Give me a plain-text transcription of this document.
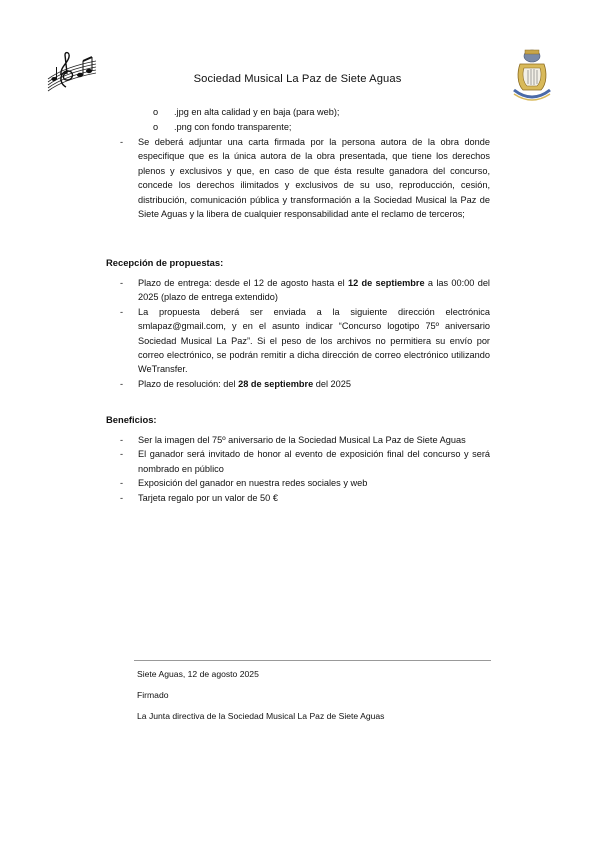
Sociedad Musical La Paz de Siete Aguas
o .jpg en alta calidad y en baja (para web);
o .png con fondo transparente;
- Se deberá adjuntar una carta firmada por la persona autora de la obra donde especifique que es la única autora de la obra presentada, que tiene los derechos plenos y exclusivos y que, en caso de que ésta resulte ganadora del concurso, concede los derechos ilimitados y exclusivos de su uso, reproducción, cesión, distribución, comunicación pública y transformación a la Sociedad Musical la Paz de Siete Aguas y la libera de cualquier responsabilidad ante el reclamo de terceros;
Recepción de propuestas:
- Plazo de entrega: desde el 12 de agosto hasta el 12 de septiembre a las 00:00 del 2025 (plazo de entrega extendido)
- La propuesta deberá ser enviada a la siguiente dirección electrónica smlapaz@gmail.com, y en el asunto indicar “Concurso logotipo 75º aniversario Sociedad Musical La Paz”. Si el peso de los archivos no permitiera su envío por correo electrónico, se podrán remitir a dicha dirección de correo electrónico utilizando WeTransfer.
- Plazo de resolución: del 28 de septiembre del 2025
Beneficios:
- Ser la imagen del 75º aniversario de la Sociedad Musical La Paz de Siete Aguas
- El ganador será invitado de honor al evento de exposición final del concurso y será nombrado en público
- Exposición del ganador en nuestra redes sociales y web
- Tarjeta regalo por un valor de 50 €
Siete Aguas, 12 de agosto 2025
Firmado
La Junta directiva de la Sociedad Musical La Paz de Siete Aguas
